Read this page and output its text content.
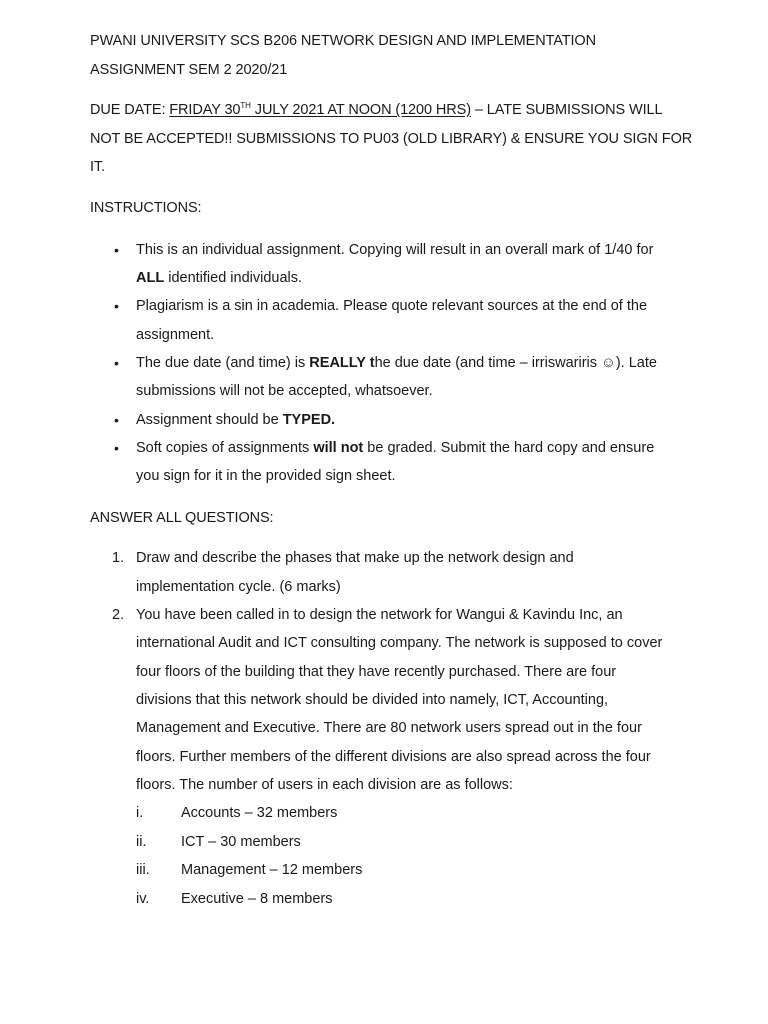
PWANI UNIVERSITY SCS B206 NETWORK DESIGN AND IMPLEMENTATION
ASSIGNMENT SEM 2 2020/21
DUE DATE: FRIDAY 30TH JULY 2021 AT NOON (1200 HRS) – LATE SUBMISSIONS WILL
NOT BE ACCEPTED!! SUBMISSIONS TO PU03 (OLD LIBRARY) & ENSURE YOU SIGN FOR
IT.
INSTRUCTIONS:
• This is an individual assignment. Copying will result in an overall mark of 1/40 for
ALL identified individuals.
• Plagiarism is a sin in academia. Please quote relevant sources at the end of the
assignment.
• The due date (and time) is REALLY the due date (and time – irriswariris ☺). Late
submissions will not be accepted, whatsoever.
• Assignment should be TYPED.
• Soft copies of assignments will not be graded. Submit the hard copy and ensure
you sign for it in the provided sign sheet.
ANSWER ALL QUESTIONS:
1. Draw and describe the phases that make up the network design and
implementation cycle. (6 marks)
2. You have been called in to design the network for Wangui & Kavindu Inc, an
international Audit and ICT consulting company. The network is supposed to cover
four floors of the building that they have recently purchased. There are four
divisions that this network should be divided into namely, ICT, Accounting,
Management and Executive. There are 80 network users spread out in the four
floors. Further members of the different divisions are also spread across the four
floors. The number of users in each division are as follows:
i.	Accounts – 32 members
ii. ICT – 30 members
iii. Management – 12 members
iv. Executive – 8 members
